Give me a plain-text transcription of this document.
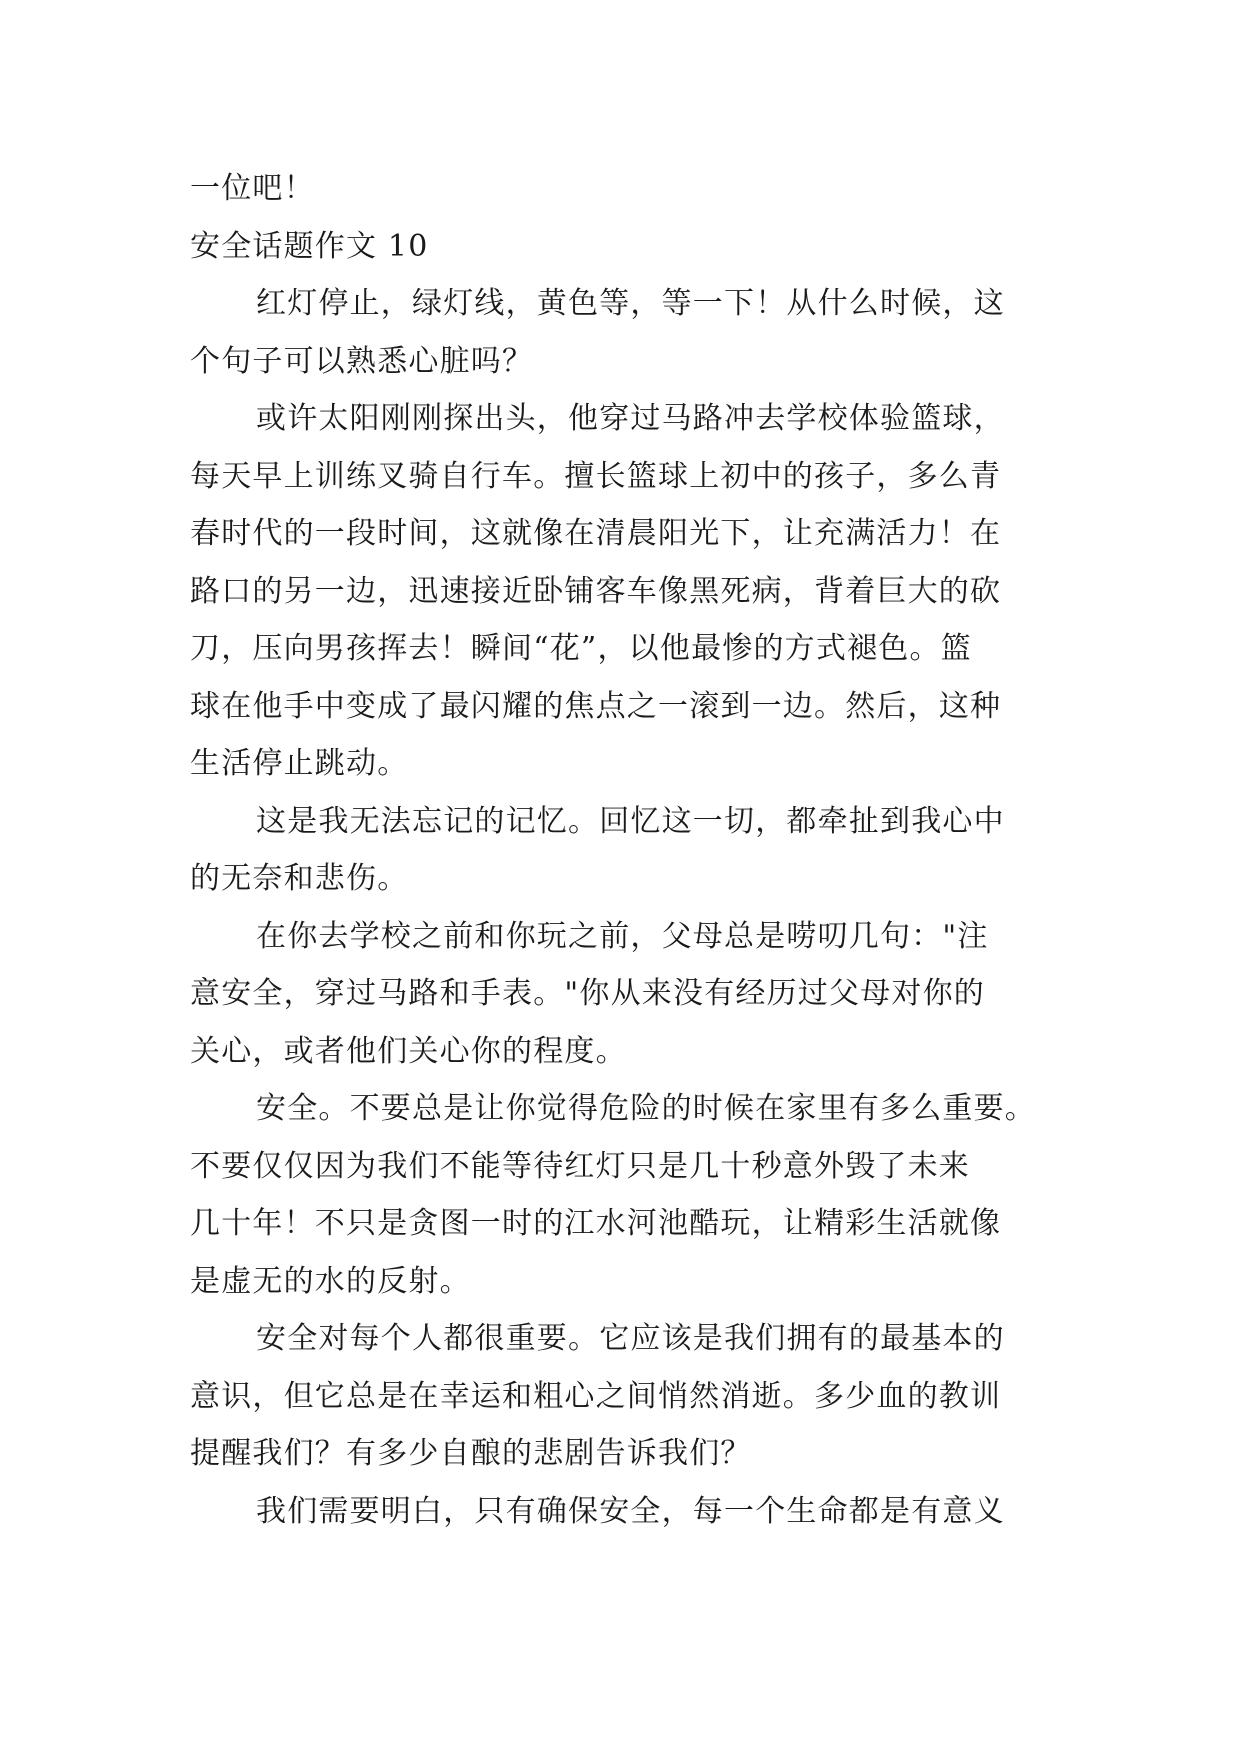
一位吧！
安全话题作文 10
红灯停止，绿灯线，黄色等，等一下！从什么时候，这
个句子可以熟悉心脏吗？
或许太阳刚刚探出头，他穿过马路冲去学校体验篮球，
每天早上训练叉骑自行车。擅长篮球上初中的孩子，多么青
春时代的一段时间，这就像在清晨阳光下，让充满活力！在
路口的另一边，迅速接近卧铺客车像黑死病，背着巨大的砍
刀，压向男孩挥去！瞬间“花”，以他最惨的方式褪色。篮
球在他手中变成了最闪耀的焦点之一滚到一边。然后，这种
生活停止跳动。
这是我无法忘记的记忆。回忆这一切，都牵扯到我心中
的无奈和悲伤。
在你去学校之前和你玩之前，父母总是唠叨几句："注
意安全，穿过马路和手表。"你从来没有经历过父母对你的
关心，或者他们关心你的程度。
安全。不要总是让你觉得危险的时候在家里有多么重要。
不要仅仅因为我们不能等待红灯只是几十秒意外毁了未来
几十年！不只是贪图一时的江水河池酷玩，让精彩生活就像
是虚无的水的反射。
安全对每个人都很重要。它应该是我们拥有的最基本的
意识，但它总是在幸运和粗心之间悄然消逝。多少血的教训
提醒我们？有多少自酿的悲剧告诉我们？
我们需要明白，只有确保安全，每一个生命都是有意义
